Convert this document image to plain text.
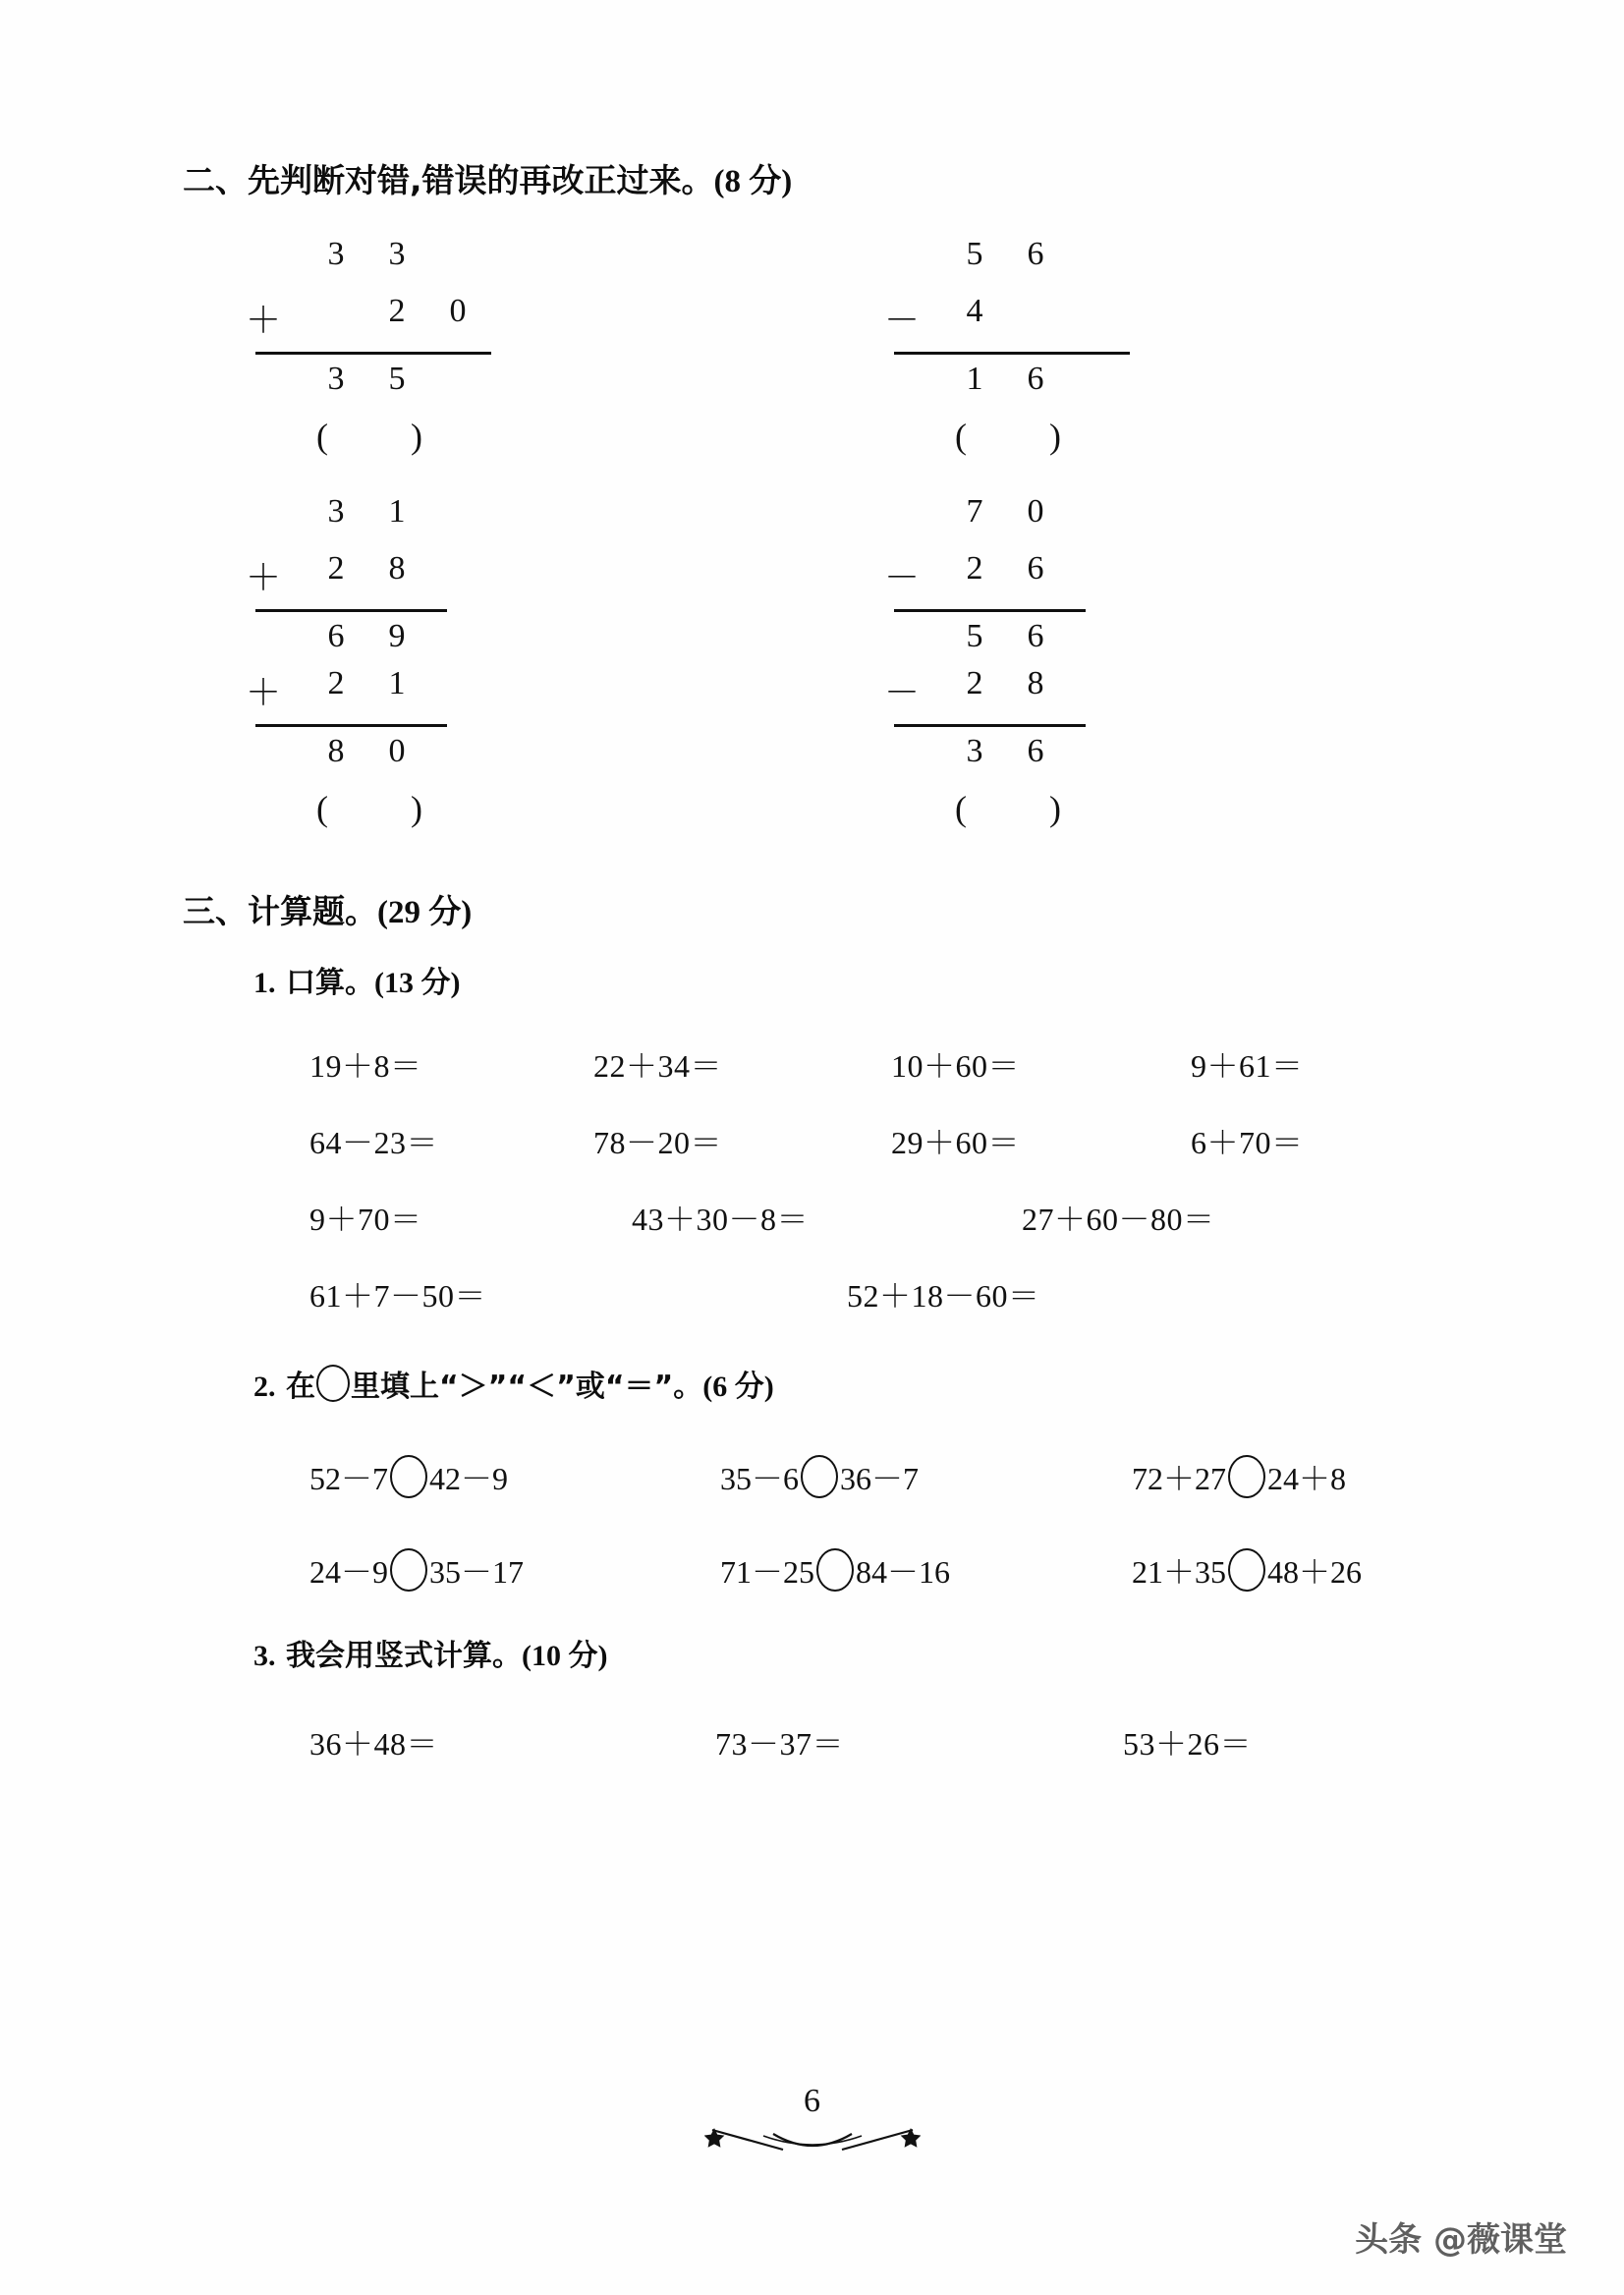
二、先判断对错,错误的再改正过来。(8 分)
3 3
＋	2 0
3 5
( )
3 1
＋ 2 8
6 9
＋ 2 1
8 0
( )
5 6
－ 4
1 6
( )
7 0
－ 2 6
5 6
－ 2 8
3 6
( )
三、计算题。(29 分)
1. 口算。(13 分)
19＋8＝	22＋34＝	10＋60＝	9＋61＝
64－23＝	78－20＝	29＋60＝	6＋70＝
9＋70＝	43＋30－8＝	27＋60－80＝
61＋7－50＝	52＋18－60＝
2. 在 里填上“＞”“＜”或“＝”。(6 分)
52－7 42－9	35－6 36－7	72＋27 24＋8
24－9 35－17	71－25 84－16	21＋35 48＋26
3. 我会用竖式计算。(10 分)
36＋48＝	73－37＝	53＋26＝
6
头条 @薇课堂
